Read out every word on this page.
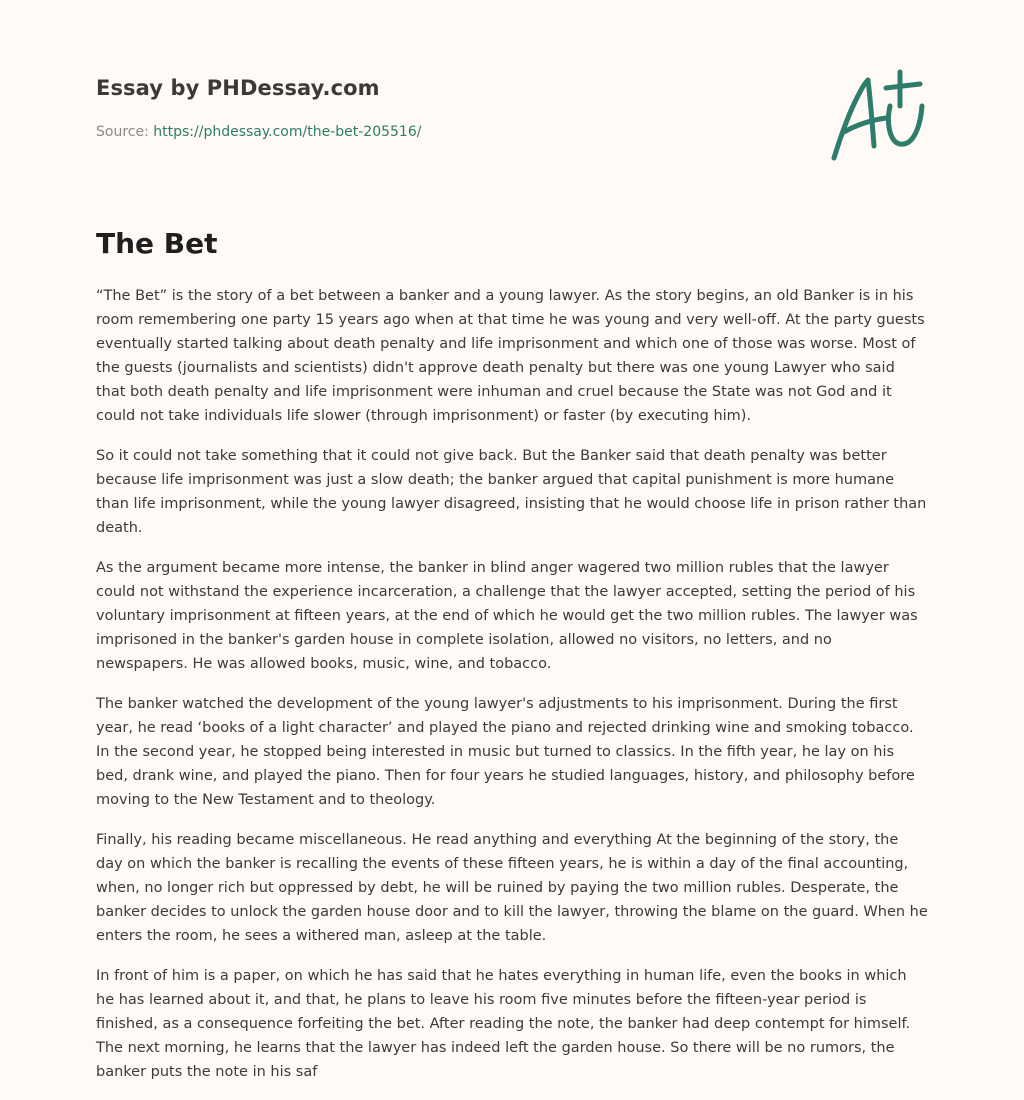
Essay by PHDessay.com
Source: https://phdessay.com/the-bet-205516/
The Bet

“The Bet” is the story of a bet between a banker and a young lawyer. As the story begins, an old Banker is in his room remembering one party 15 years ago when at that time he was young and very well-off. At the party guests eventually started talking about death penalty and life imprisonment and which one of those was worse. Most of the guests (journalists and scientists) didn't approve death penalty but there was one young Lawyer who said that both death penalty and life imprisonment were inhuman and cruel because the State was not God and it could not take individuals life slower (through imprisonment) or faster (by executing him).

So it could not take something that it could not give back. But the Banker said that death penalty was better because life imprisonment was just a slow death; the banker argued that capital punishment is more humane than life imprisonment, while the young lawyer disagreed, insisting that he would choose life in prison rather than death.

As the argument became more intense, the banker in blind anger wagered two million rubles that the lawyer could not withstand the experience incarceration, a challenge that the lawyer accepted, setting the period of his voluntary imprisonment at fifteen years, at the end of which he would get the two million rubles. The lawyer was imprisoned in the banker's garden house in complete isolation, allowed no visitors, no letters, and no newspapers. He was allowed books, music, wine, and tobacco.

The banker watched the development of the young lawyer's adjustments to his imprisonment. During the first year, he read ‘books of a light character’ and played the piano and rejected drinking wine and smoking tobacco. In the second year, he stopped being interested in music but turned to classics. In the fifth year, he lay on his bed, drank wine, and played the piano. Then for four years he studied languages, history, and philosophy before moving to the New Testament and to theology.

Finally, his reading became miscellaneous. He read anything and everything At the beginning of the story, the day on which the banker is recalling the events of these fifteen years, he is within a day of the final accounting, when, no longer rich but oppressed by debt, he will be ruined by paying the two million rubles. Desperate, the banker decides to unlock the garden house door and to kill the lawyer, throwing the blame on the guard. When he enters the room, he sees a withered man, asleep at the table.

In front of him is a paper, on which he has said that he hates everything in human life, even the books in which he has learned about it, and that, he plans to leave his room five minutes before the fifteen-year period is finished, as a consequence forfeiting the bet. After reading the note, the banker had deep contempt for himself. The next morning, he learns that the lawyer has indeed left the garden house. So there will be no rumors, the banker puts the note in his saf
